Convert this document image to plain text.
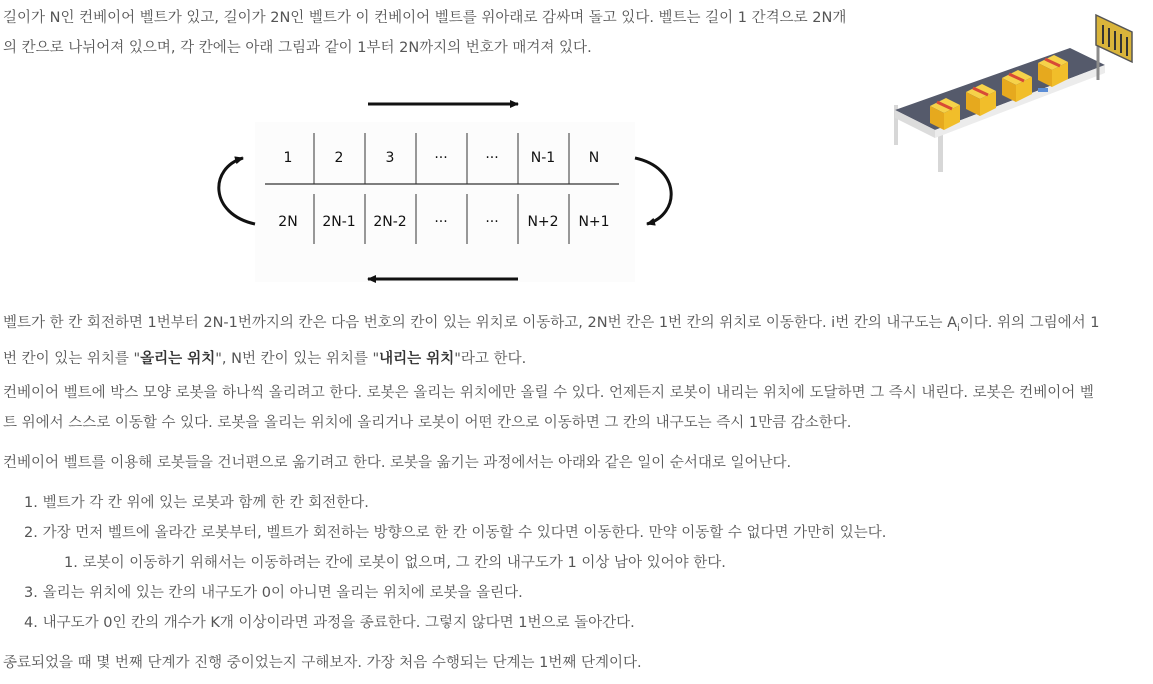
길이가 N인 컨베이어 벨트가 있고, 길이가 2N인 벨트가 이 컨베이어 벨트를 위아래로 감싸며 돌고 있다. 벨트는 길이 1 간격으로 2N개
의 칸으로 나뉘어져 있으며, 각 칸에는 아래 그림과 같이 1부터 2N까지의 번호가 매겨져 있다.

1	2	3	···	··· N-1 N
2N 2N-1 2N-2 ···	··· N+2 N+1

벨트가 한 칸 회전하면 1번부터 2N-1번까지의 칸은 다음 번호의 칸이 있는 위치로 이동하고, 2N번 칸은 1번 칸의 위치로 이동한다. i번 칸의 내구도는 $A_i$이다. 위의 그림에서 1
번 칸이 있는 위치를 "올리는 위치", N번 칸이 있는 위치를 "내리는 위치"라고 한다.

컨베이어 벨트에 박스 모양 로봇을 하나씩 올리려고 한다. 로봇은 올리는 위치에만 올릴 수 있다. 언제든지 로봇이 내리는 위치에 도달하면 그 즉시 내린다. 로봇은 컨베이어 벨
트 위에서 스스로 이동할 수 있다. 로봇을 올리는 위치에 올리거나 로봇이 어떤 칸으로 이동하면 그 칸의 내구도는 즉시 1만큼 감소한다.

컨베이어 벨트를 이용해 로봇들을 건너편으로 옮기려고 한다. 로봇을 옮기는 과정에서는 아래와 같은 일이 순서대로 일어난다.

1. 벨트가 각 칸 위에 있는 로봇과 함께 한 칸 회전한다.
2. 가장 먼저 벨트에 올라간 로봇부터, 벨트가 회전하는 방향으로 한 칸 이동할 수 있다면 이동한다. 만약 이동할 수 없다면 가만히 있는다.
1. 로봇이 이동하기 위해서는 이동하려는 칸에 로봇이 없으며, 그 칸의 내구도가 1 이상 남아 있어야 한다.
3. 올리는 위치에 있는 칸의 내구도가 0이 아니면 올리는 위치에 로봇을 올린다.
4. 내구도가 0인 칸의 개수가 K개 이상이라면 과정을 종료한다. 그렇지 않다면 1번으로 돌아간다.

종료되었을 때 몇 번째 단계가 진행 중이었는지 구해보자. 가장 처음 수행되는 단계는 1번째 단계이다.
